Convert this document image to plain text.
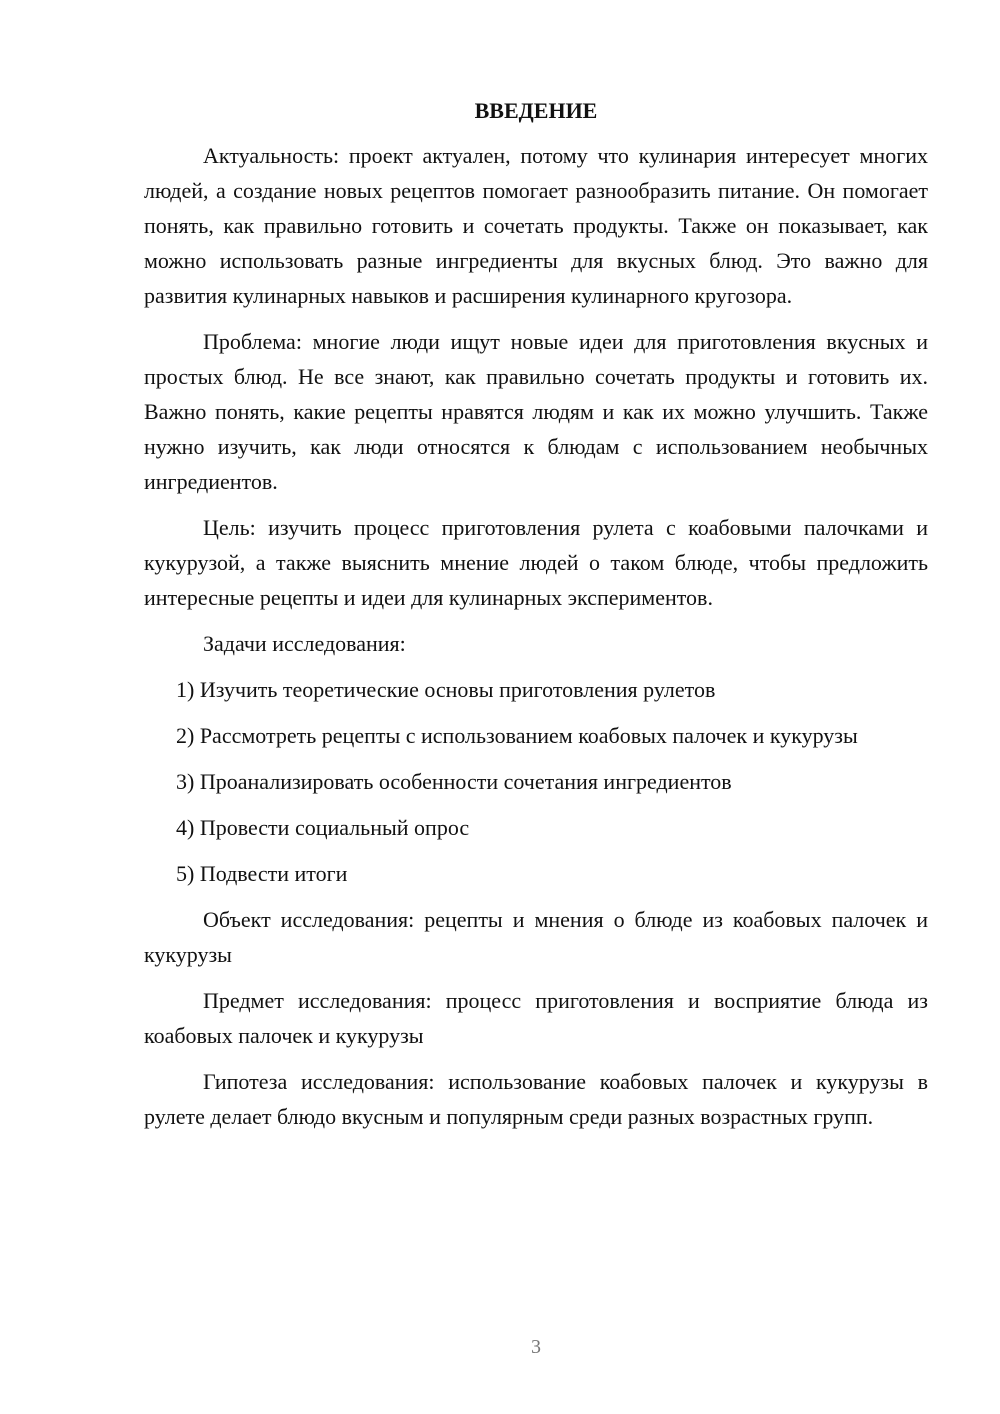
ВВЕДЕНИЕ

Актуальность: проект актуален, потому что кулинария интересует многих людей, а создание новых рецептов помогает разнообразить питание. Он помогает понять, как правильно готовить и сочетать продукты. Также он показывает, как можно использовать разные ингредиенты для вкусных блюд. Это важно для развития кулинарных навыков и расширения кулинарного кругозора.

Проблема: многие люди ищут новые идеи для приготовления вкусных и простых блюд. Не все знают, как правильно сочетать продукты и готовить их. Важно понять, какие рецепты нравятся людям и как их можно улучшить. Также нужно изучить, как люди относятся к блюдам с использованием необычных ингредиентов.

Цель: изучить процесс приготовления рулета с коабовыми палочками и кукурузой, а также выяснить мнение людей о таком блюде, чтобы предложить интересные рецепты и идеи для кулинарных экспериментов.

Задачи исследования:

1) Изучить теоретические основы приготовления рулетов

2) Рассмотреть рецепты с использованием коабовых палочек и кукурузы

3) Проанализировать особенности сочетания ингредиентов

4) Провести социальный опрос

5) Подвести итоги

Объект исследования: рецепты и мнения о блюде из коабовых палочек и кукурузы

Предмет исследования: процесс приготовления и восприятие блюда из коабовых палочек и кукурузы

Гипотеза исследования: использование коабовых палочек и кукурузы в рулете делает блюдо вкусным и популярным среди разных возрастных групп.

3
